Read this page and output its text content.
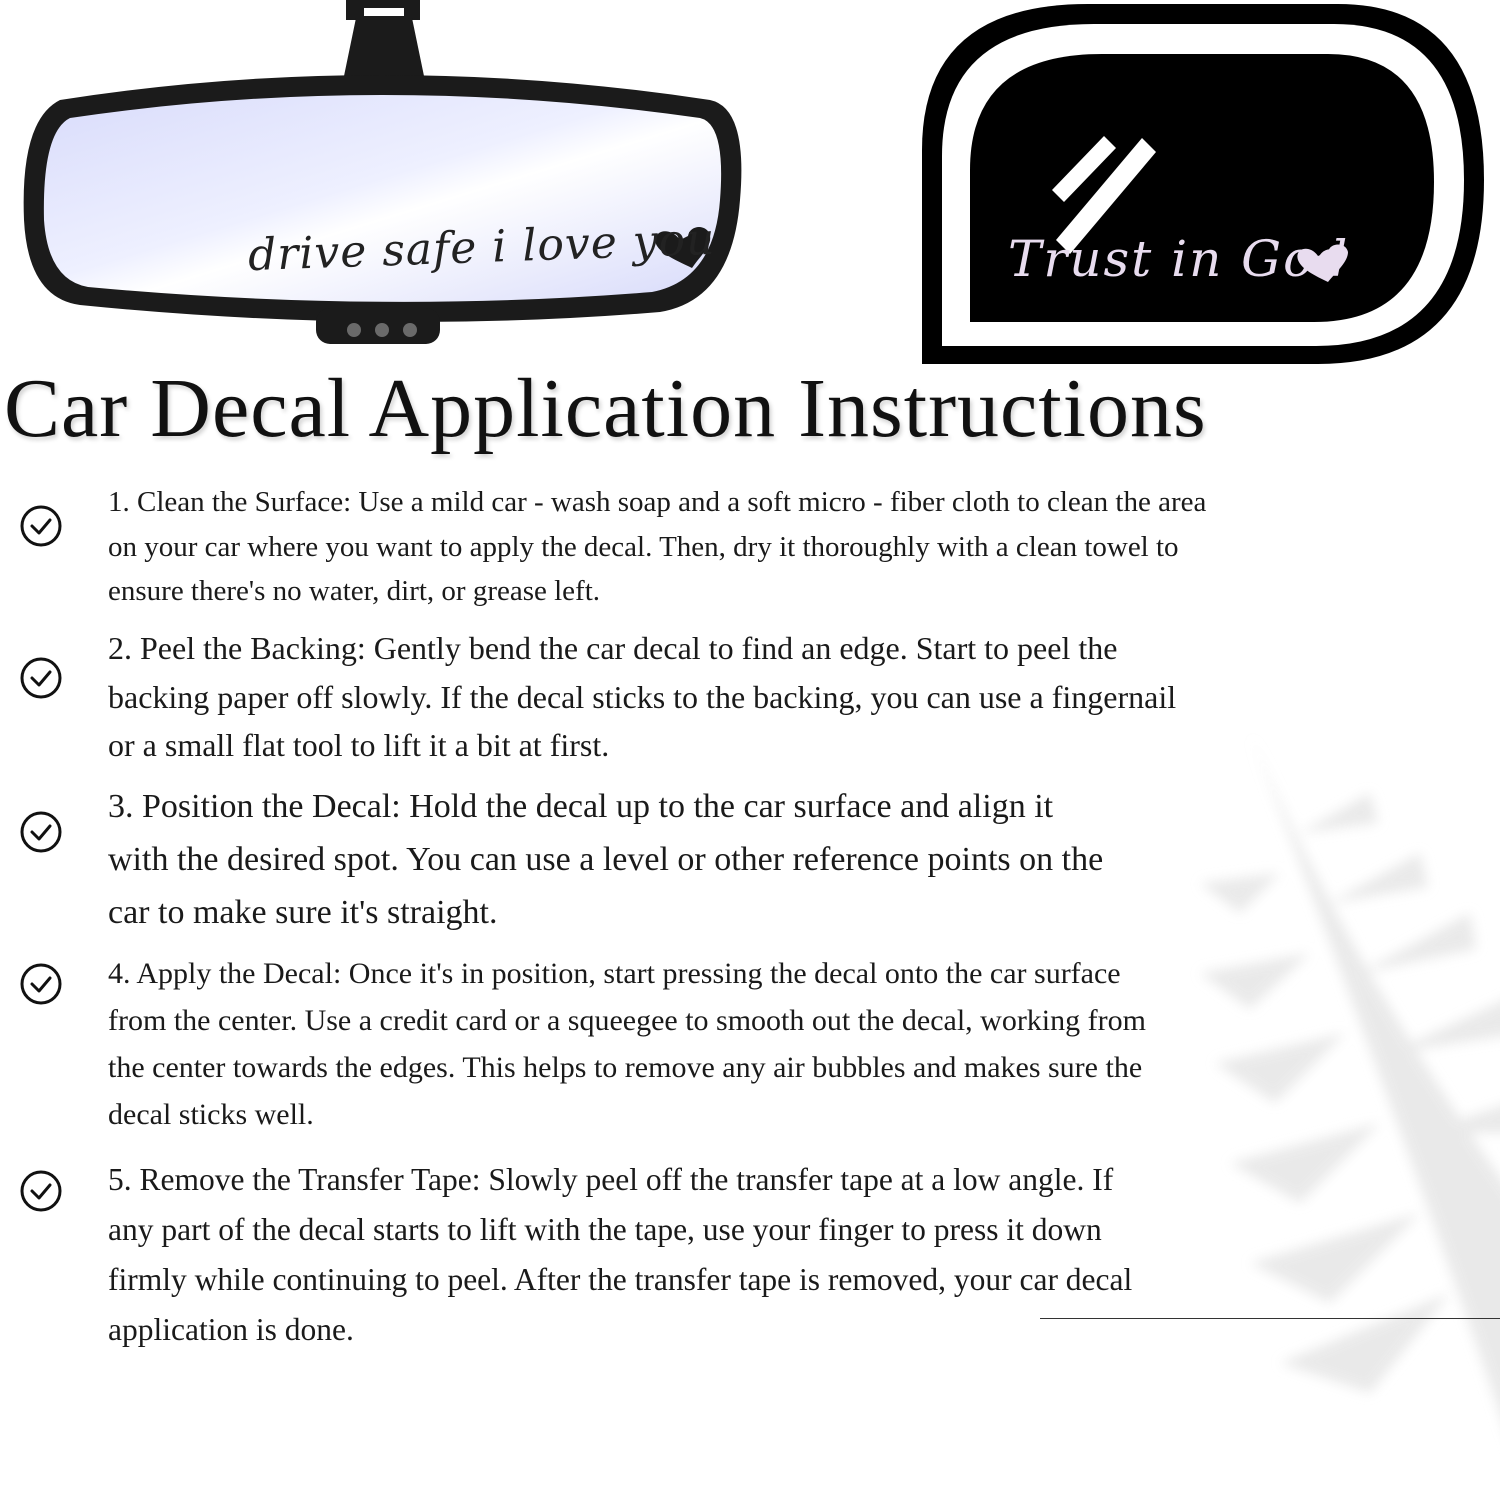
drive safe i love you	Trust in God
Car Decal Application Instructions

1. Clean the Surface: Use a mild car - wash soap and a soft micro - fiber cloth to clean the area on your car where you want to apply the decal. Then, dry it thoroughly with a clean towel to ensure there's no water, dirt, or grease left.

2. Peel the Backing: Gently bend the car decal to find an edge. Start to peel the backing paper off slowly. If the decal sticks to the backing, you can use a fingernail or a small flat tool to lift it a bit at first.

3. Position the Decal: Hold the decal up to the car surface and align it with the desired spot. You can use a level or other reference points on the car to make sure it's straight.

4. Apply the Decal: Once it's in position, start pressing the decal onto the car surface from the center. Use a credit card or a squeegee to smooth out the decal, working from the center towards the edges. This helps to remove any air bubbles and makes sure the decal sticks well.

5. Remove the Transfer Tape: Slowly peel off the transfer tape at a low angle. If any part of the decal starts to lift with the tape, use your finger to press it down firmly while continuing to peel. After the transfer tape is removed, your car decal application is done.
